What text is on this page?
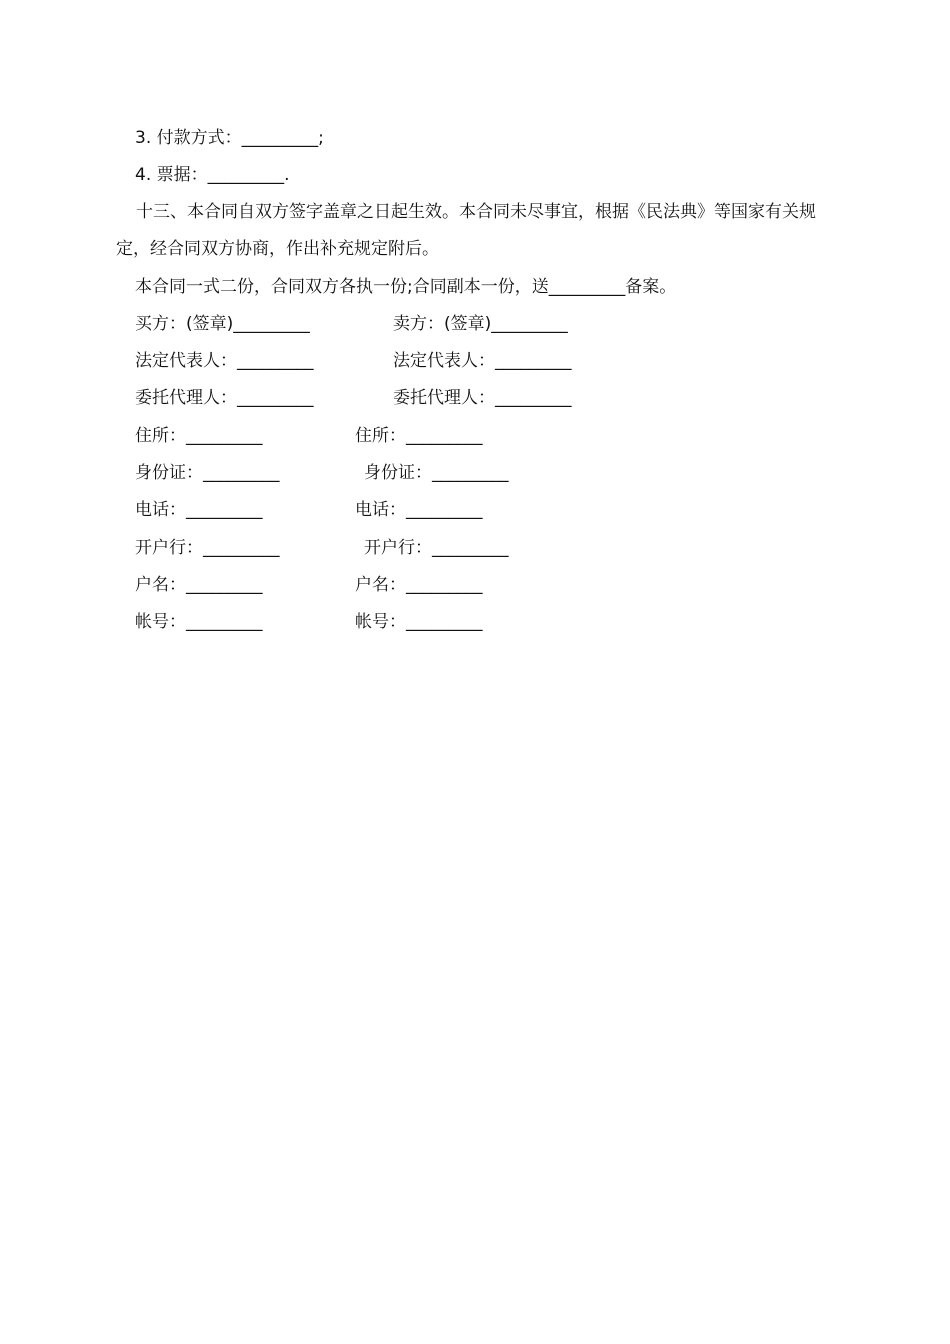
3. 付款方式：_________;
4. 票据：_________.
十三、本合同自双方签字盖章之日起生效。本合同未尽事宜，根据《民法典》等国家有关规定，经合同双方协商，作出补充规定附后。
本合同一式二份，合同双方各执一份;合同副本一份，送_________备案。
买方：(签章)_________
法定代表人：_________
委托代理人：_________
住所：_________
身份证：_________
电话：_________
开户行：_________
户名：_________
帐号：_________
卖方：(签章)_________
法定代表人：_________
委托代理人：_________
住所：_________
身份证：_________
电话：_________
开户行：_________
户名：_________
帐号：_________
